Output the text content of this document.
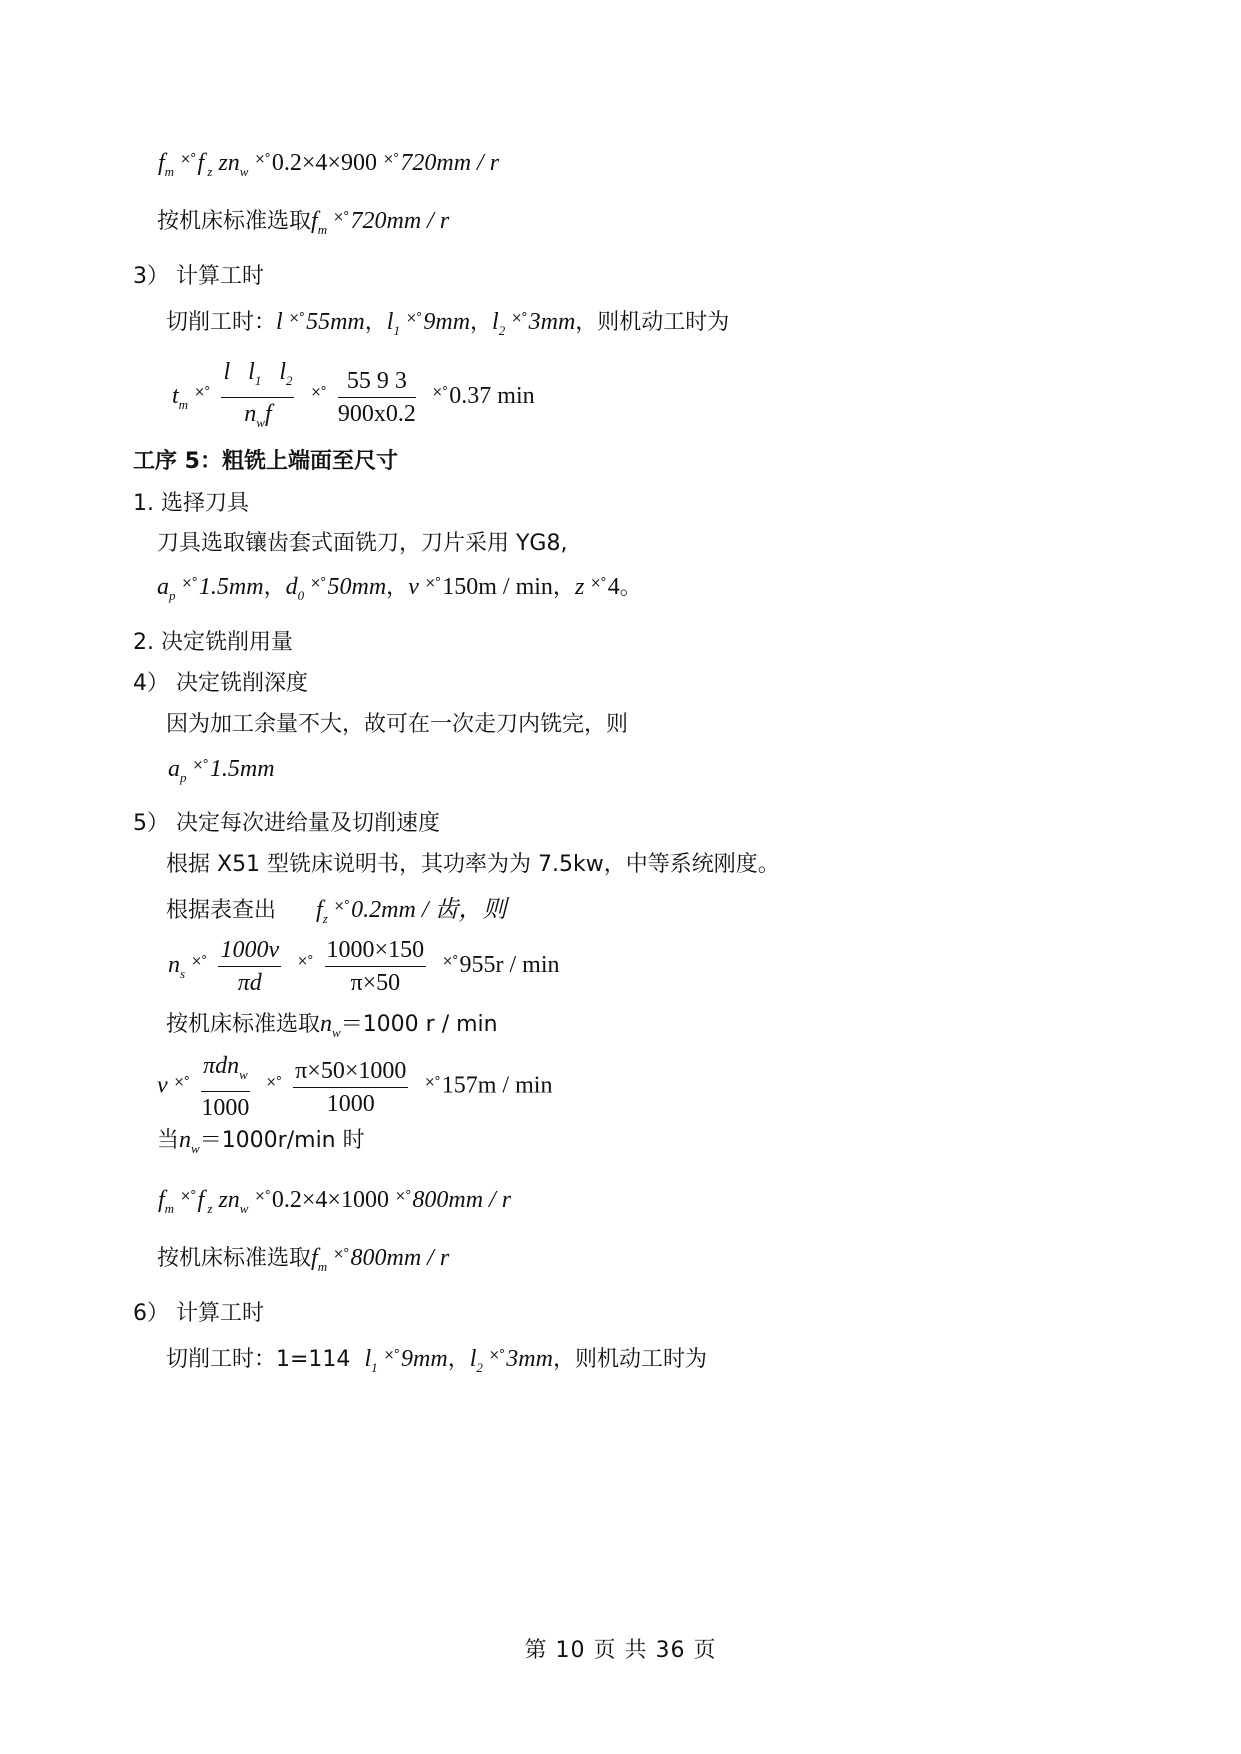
$f_m^{\times^\circ}f$ $_z$ $zn_w^{\times^\circ}0.2\times 4\times 900$ ×°720mm / r
按机床标准选取$f_m^{\times^\circ}720mm$ / r
3） 计算工时
切削工时：l ×°55mm，$l_1^{\times^\circ}9mm$，$l_2^{\times^\circ}3mm$，则机动工时为
$t_m^{\times^\circ} \frac{l l_1 l_2}{n_wf} ^{\times^\circ} \frac{55 9 3}{900x0.2} ^{\times^\circ}0.37$ min
工序 5：粗铣上端面至尺寸
1. 选择刀具
刀具选取镶齿套式面铣刀，刀片采用 YG8,
$a_p^{\times^\circ}1.5mm$，$d_0^{\times^\circ}50mm$，v ×°150m / min，z ×°4。
2. 决定铣削用量
4） 决定铣削深度
因为加工余量不大，故可在一次走刀内铣完，则
$a_p^{\times^\circ}1.5mm$
5） 决定每次进给量及切削速度
根据 X51 型铣床说明书，其功率为为 7.5kw，中等系统刚度。
根据表查出 $f_z^{\times^\circ}0.2mm$ / 齿，则
$n_s^{\times^\circ} \frac{1000v}{\pi d} ^{\times^\circ} \frac{1000\times 150}{\pi\times 50} ^{\times^\circ}955r$ / min
按机床标准选取$n_w=1000$ r / min
v $^{\times^\circ} \frac{\pi dn_w}{1000} ^{\times^\circ} \frac{\pi\times 50\times 1000}{1000} ^{\times^\circ}157m$ / min
当$n_w=1000r/\min$ 时
$f_m^{\times^\circ}f$ $_z$ $zn_w^{\times^\circ}0.2\times 4\times 1000$ ×°800mm / r
按机床标准选取$f_m^{\times^\circ}800mm$ / r
6） 计算工时
切削工时：1=114 $l_1^{\times^\circ}9mm$，$l_2^{\times^\circ}3mm$，则机动工时为
第 10 页 共 36 页
